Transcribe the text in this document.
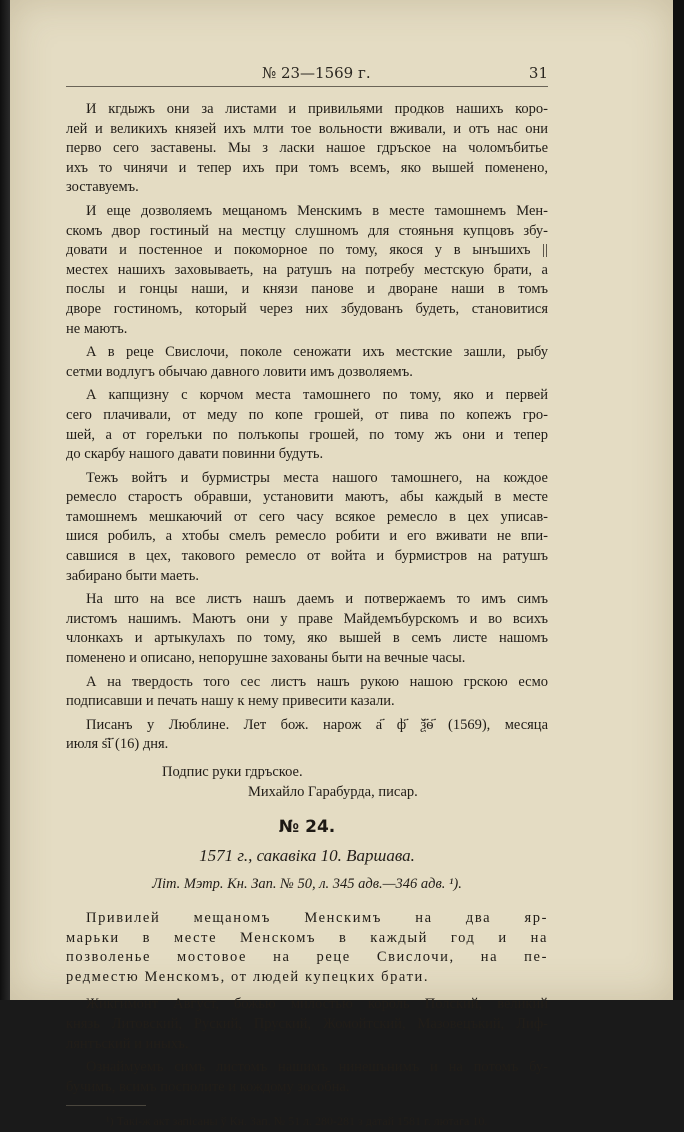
№ 23—1569 г.	31

И кгдыжъ они за листами и привильями продков нашихъ коро-
лей и великихъ князей ихъ млти тое вольности вживали, и отъ нас они
перво сего заставены. Мы з ласки нашое гдръское на чоломъбитье
ихъ то чинячи и тепер ихъ при томъ всемъ, яко вышей поменено,
зоставуемъ.

И еще дозволяемъ мещаномъ Менскимъ в месте тамошнемъ Мен-
скомъ двор гостиный на местцу слушномъ для стояньня купцовъ збу-
довати и постенное и покоморное по тому, якося у в ынъшихъ ||
местех нашихъ заховываеть, на ратушъ на потребу местскую брати, а
послы и гонцы наши, и князи панове и дворане наши в томъ
дворе гостиномъ, который через них збудованъ будеть, становитися
не маютъ.

А в реце Свислочи, поколе сеножати ихъ местские зашли, рыбу
сетми водлугъ обычаю давного ловити имъ дозволяемъ.

А капщизну с корчом места тамошнего по тому, яко и первей
сего плачивали, от меду по копе грошей, от пива по копежъ гро-
шей, а от горелъки по полъкопы грошей, по тому жъ они и тепер
до скарбу нашого давати повинни будуть.

Тежъ войтъ и бурмистры места нашого тамошнего, на кождое
ремесло старостъ обравши, установити маютъ, абы каждый в месте
тамошнемъ мешкаючий от сего часу всякое ремесло в цех уписав-
шися робилъ, а хтобы смелъ ремесло робити и его вживати не впи-
савшися в цех, такового ремесло от войта и бурмистров на ратушъ
забирано быти маеть.

На што на все листъ нашъ даемъ и потвержаемъ то имъ симъ
листомъ нашимъ. Маютъ они у праве Майдемъбурскомъ и во всихъ
члонкахъ и артыкулахъ по тому, яко вышей в семъ листе нашомъ
поменено и описано, непорушне захованы быти на вечные часы.

А на твердость того сес листъ нашъ рукою нашою грскою есмо
подписавши и печать нашу к нему привесити казали.

Писанъ у Люблине. Лет бож. нарож а҃ ф҃ ѯ҃ѳ҃ (1569), месяца
июля ѕ҃і҃ (16) дня.

Подпис руки гдръское.
Михайло Гарабурда, писар.
№ 24.
1571 г., сакавіка 10. Варшава.
Літ. Мэтр. Кн. Зап. № 50, л. 345 адв.—346 адв. ¹).

Привилей мещаномъ Менскимъ на два яр-
марьки в месте Менскомъ в каждый год и на
позволенье мостовое на реце Свислочи, на пе-
редместю Менскомъ, от людей купецких брати.

Жикгимонт Август, божью милостью король Полский, великий
князь Литовский, Руский, Пруский, Жомойтский, Мазовецъкий, Лиф-
лянтъский и иныхъ.

Ознаймуемъ симъ листомъ нашимъ нинешънимъ и на потомъ бу-
бучимъ, всимъ посполите и кождому зособна.

¹) Такі-ж акт запісаны ў Кн. Зап. № 51 л. 280-281 з датай 1581 г. лютага 10.
